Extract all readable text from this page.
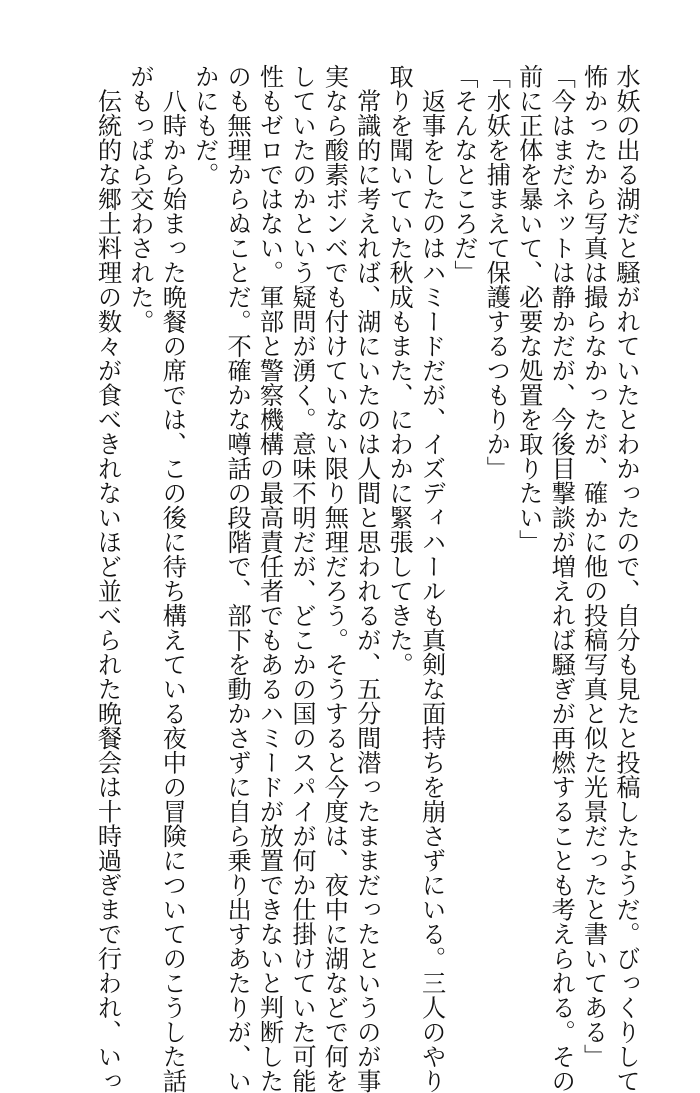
水妖の出る湖だと騒がれていたとわかったので、自分も見たと投稿したようだ。びっくりして
怖かったから写真は撮らなかったが、確かに他の投稿写真と似た光景だったと書いてある」
「今はまだネットは静かだが、今後目撃談が増えれば騒ぎが再燃することも考えられる。その
前に正体を暴いて、必要な処置を取りたい」
「水妖を捕まえて保護するつもりか」
「そんなところだ」
　返事をしたのはハミードだが、イズディハールも真剣な面持ちを崩さずにいる。三人のやり
取りを聞いていた秋成もまた、にわかに緊張してきた。
　常識的に考えれば、湖にいたのは人間と思われるが、五分間潜ったままだったというのが事
実なら酸素ボンベでも付けていない限り無理だろう。そうすると今度は、夜中に湖などで何を
していたのかという疑問が湧く。意味不明だが、どこかの国のスパイが何か仕掛けていた可能
性もゼロではない。軍部と警察機構の最高責任者でもあるハミードが放置できないと判断した
のも無理からぬことだ。不確かな噂話の段階で、部下を動かさずに自ら乗り出すあたりが、い
かにもだ。
　八時から始まった晩餐の席では、この後に待ち構えている夜中の冒険についてのこうした話
がもっぱら交わされた。
　伝統的な郷土料理の数々が食べきれないほど並べられた晩餐会は十時過ぎまで行われ、いっ
